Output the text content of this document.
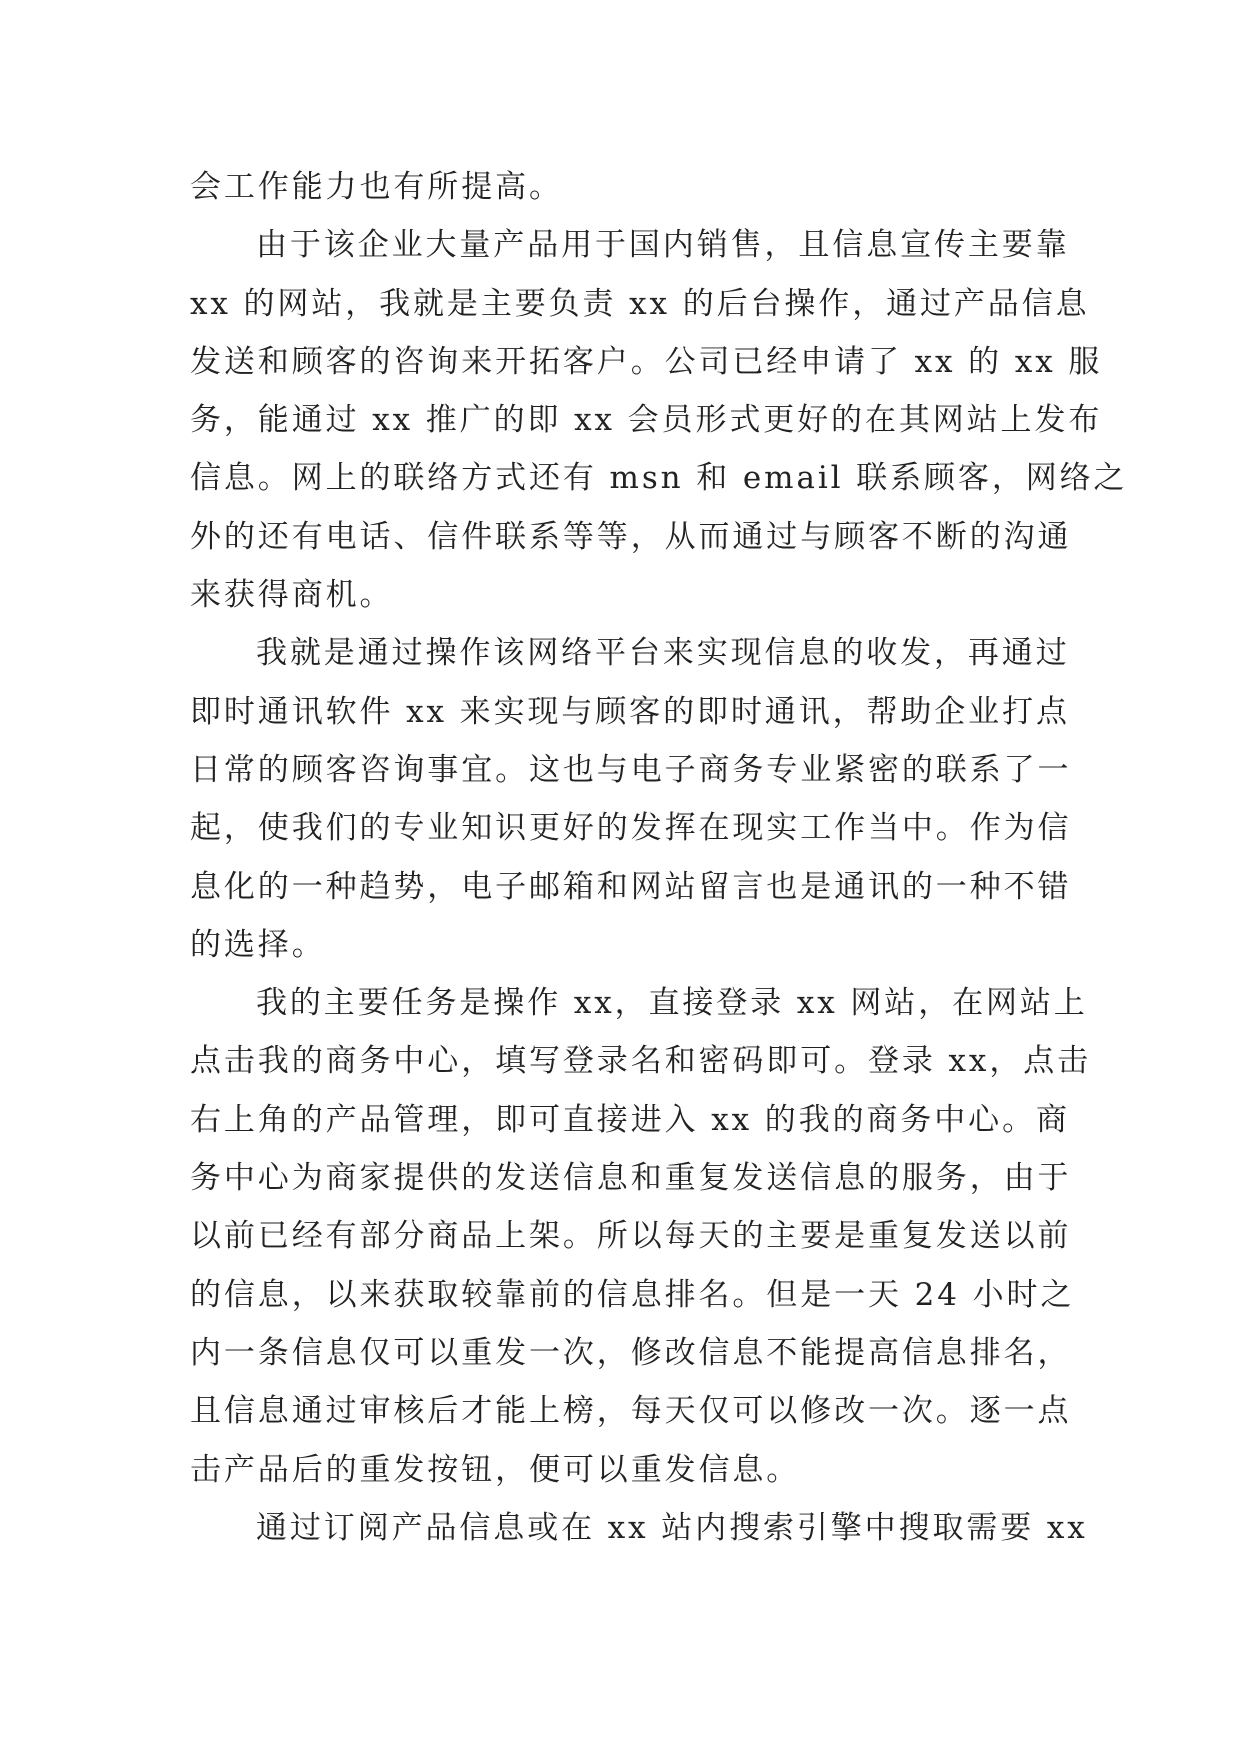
会工作能力也有所提高。
由于该企业大量产品用于国内销售，且信息宣传主要靠
xx 的网站，我就是主要负责 xx 的后台操作，通过产品信息
发送和顾客的咨询来开拓客户。公司已经申请了 xx 的 xx 服
务，能通过 xx 推广的即 xx 会员形式更好的在其网站上发布
信息。网上的联络方式还有 msn 和 email 联系顾客，网络之
外的还有电话、信件联系等等，从而通过与顾客不断的沟通
来获得商机。
我就是通过操作该网络平台来实现信息的收发，再通过
即时通讯软件 xx 来实现与顾客的即时通讯，帮助企业打点
日常的顾客咨询事宜。这也与电子商务专业紧密的联系了一
起，使我们的专业知识更好的发挥在现实工作当中。作为信
息化的一种趋势，电子邮箱和网站留言也是通讯的一种不错
的选择。
我的主要任务是操作 xx，直接登录 xx 网站，在网站上
点击我的商务中心，填写登录名和密码即可。登录 xx，点击
右上角的产品管理，即可直接进入 xx 的我的商务中心。商
务中心为商家提供的发送信息和重复发送信息的服务，由于
以前已经有部分商品上架。所以每天的主要是重复发送以前
的信息，以来获取较靠前的信息排名。但是一天 24 小时之
内一条信息仅可以重发一次，修改信息不能提高信息排名，
且信息通过审核后才能上榜，每天仅可以修改一次。逐一点
击产品后的重发按钮，便可以重发信息。
通过订阅产品信息或在 xx 站内搜索引擎中搜取需要 xx
